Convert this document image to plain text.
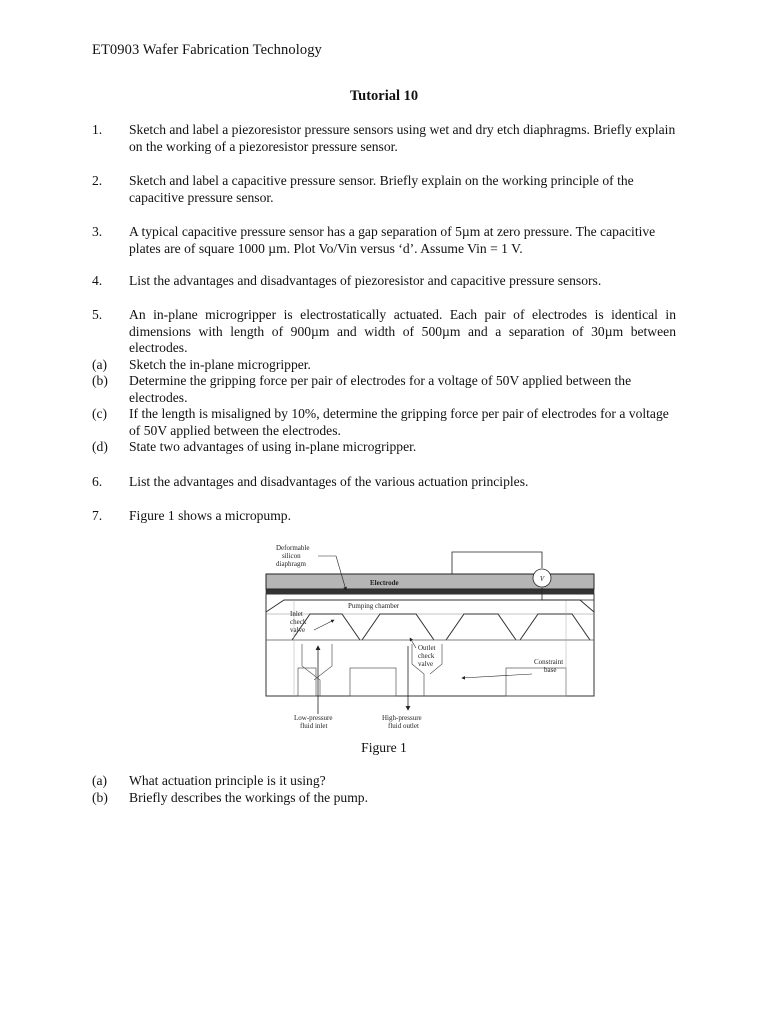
ET0903 Wafer Fabrication Technology
Tutorial 10
1. Sketch and label a piezoresistor pressure sensors using wet and dry etch diaphragms. Briefly explain on the working of a piezoresistor pressure sensor.
2. Sketch and label a capacitive pressure sensor. Briefly explain on the working principle of the capacitive pressure sensor.
3. A typical capacitive pressure sensor has a gap separation of 5µm at zero pressure. The capacitive plates are of square 1000 µm. Plot Vo/Vin versus ‘d’. Assume Vin = 1 V.
4. List the advantages and disadvantages of piezoresistor and capacitive pressure sensors.
5. An in-plane microgripper is electrostatically actuated. Each pair of electrodes is identical in dimensions with length of 900µm and width of 500µm and a separation of 30µm between electrodes.
(a) Sketch the in-plane microgripper.
(b) Determine the gripping force per pair of electrodes for a voltage of 50V applied between the electrodes.
(c) If the length is misaligned by 10%, determine the gripping force per pair of electrodes for a voltage of 50V applied between the electrodes.
(d) State two advantages of using in-plane microgripper.
6. List the advantages and disadvantages of the various actuation principles.
7. Figure 1 shows a micropump.
V
Deformable
silicon
diaphragm
Electrode
Pumping chamber
Inlet
check
valve
Outlet
check
valve	Constraint
base
Low-pressure
fluid inlet
High-pressure
fluid outlet
Figure 1
(a) What actuation principle is it using?
(b) Briefly describes the workings of the pump.
